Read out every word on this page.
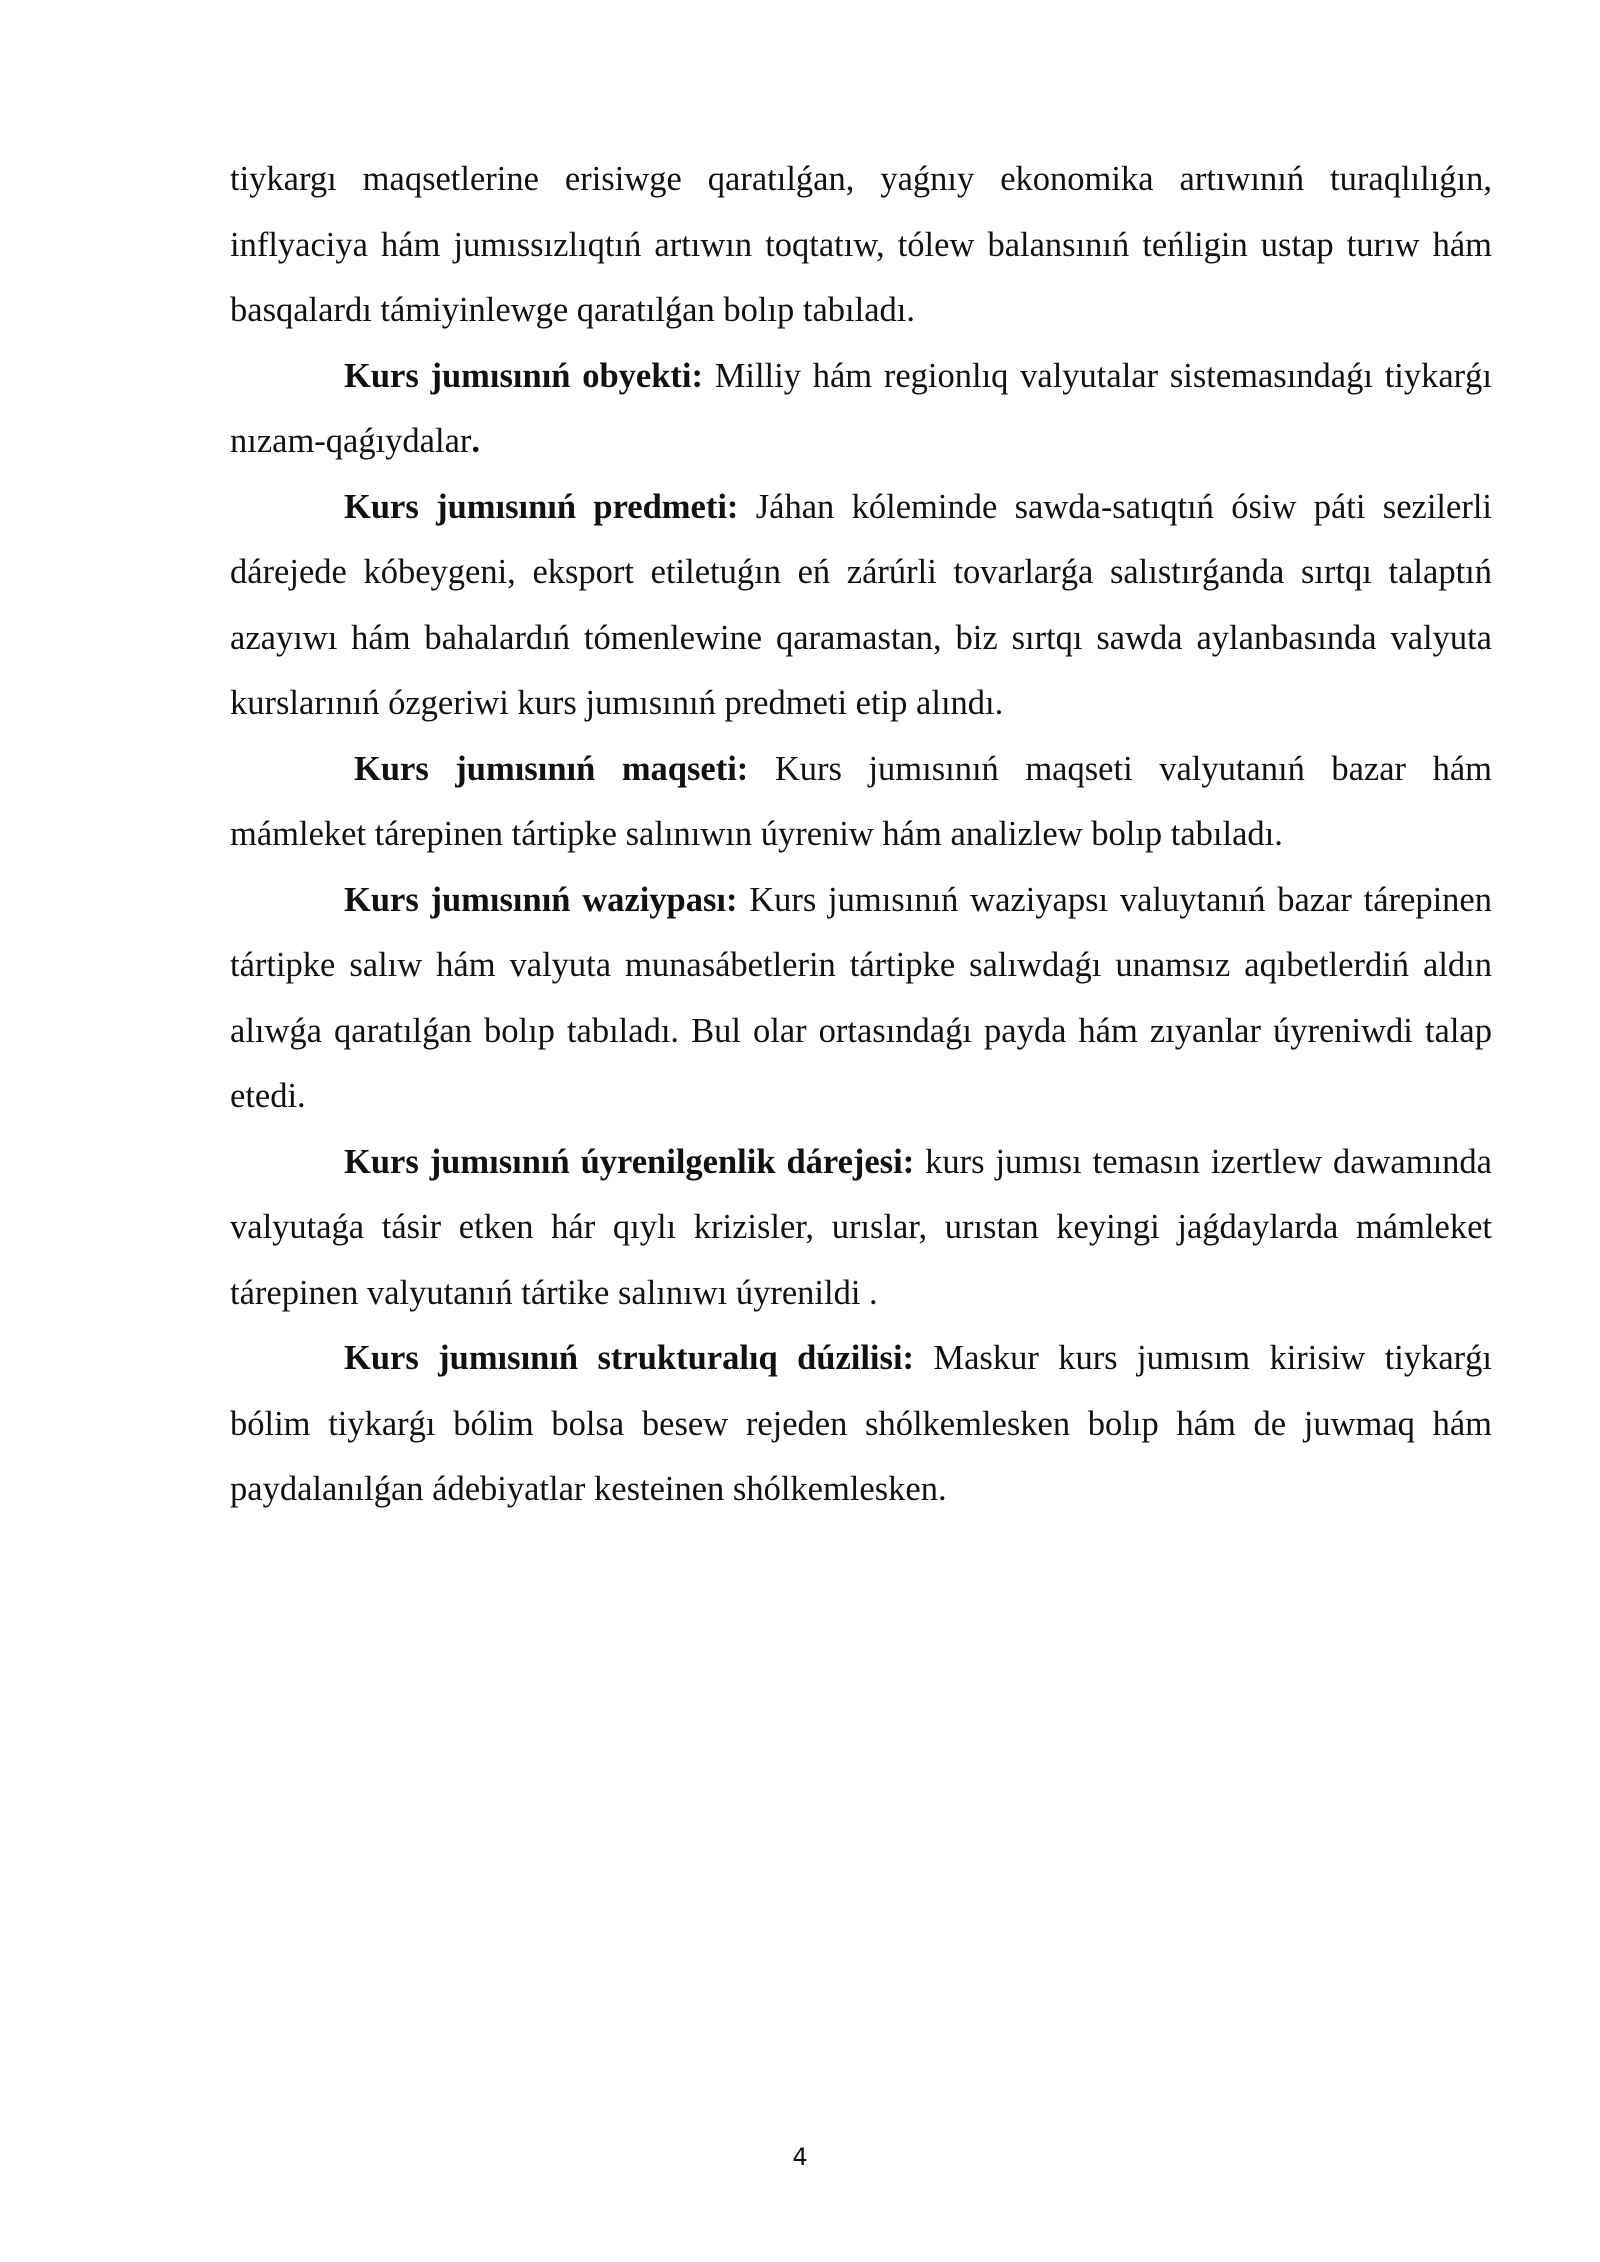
tiykargı maqsetlerine erisiwge qaratılǵan, yaǵnıy ekonomika artıwınıń turaqlılıǵın, inflyaciya hám jumıssızlıqtıń artıwın toqtatıw, tólew balansınıń teńligin ustap turıw hám basqalardı támiyinlewge qaratılǵan bolıp tabıladı.

Kurs jumısınıń obyekti: Milliy hám regionlıq valyutalar sistemasındaǵı tiykarǵı nızam-qaǵıydalar.

Kurs jumısınıń predmeti: Jáhan kóleminde sawda-satıqtıń ósiw páti sezilerli dárejede kóbeygeni, eksport etiletuǵın eń zárúrli tovarlarǵa salıstırǵanda sırtqı talaptıń azayıwı hám bahalardıń tómenlewine qaramastan, biz sırtqı sawda aylanbasında valyuta kurslarınıń ózgeriwi kurs jumısınıń predmeti etip alındı.

Kurs jumısınıń maqseti: Kurs jumısınıń maqseti valyutanıń bazar hám mámleket tárepinen tártipke salınıwın úyreniw hám analizlew bolıp tabıladı.

Kurs jumısınıń waziypası: Kurs jumısınıń waziyapsı valuytanıń bazar tárepinen tártipke salıw hám valyuta munasábetlerin tártipke salıwdaǵı unamsız aqıbetlerdiń aldın alıwǵa qaratılǵan bolıp tabıladı. Bul olar ortasındaǵı payda hám zıyanlar úyreniwdi talap etedi.

Kurs jumısınıń úyrenilgenlik dárejesi: kurs jumısı temasın izertlew dawamında valyutaǵa tásir etken hár qıylı krizisler, urıslar, urıstan keyingi jaǵdaylarda mámleket tárepinen valyutanıń tártike salınıwı úyrenildi .

Kurs jumısınıń strukturalıq dúzilisi: Maskur kurs jumısım kirisiw tiykarǵı bólim tiykarǵı bólim bolsa besew rejeden shólkemlesken bolıp hám de juwmaq hám paydalanılǵan ádebiyatlar kesteinen shólkemlesken.

4
